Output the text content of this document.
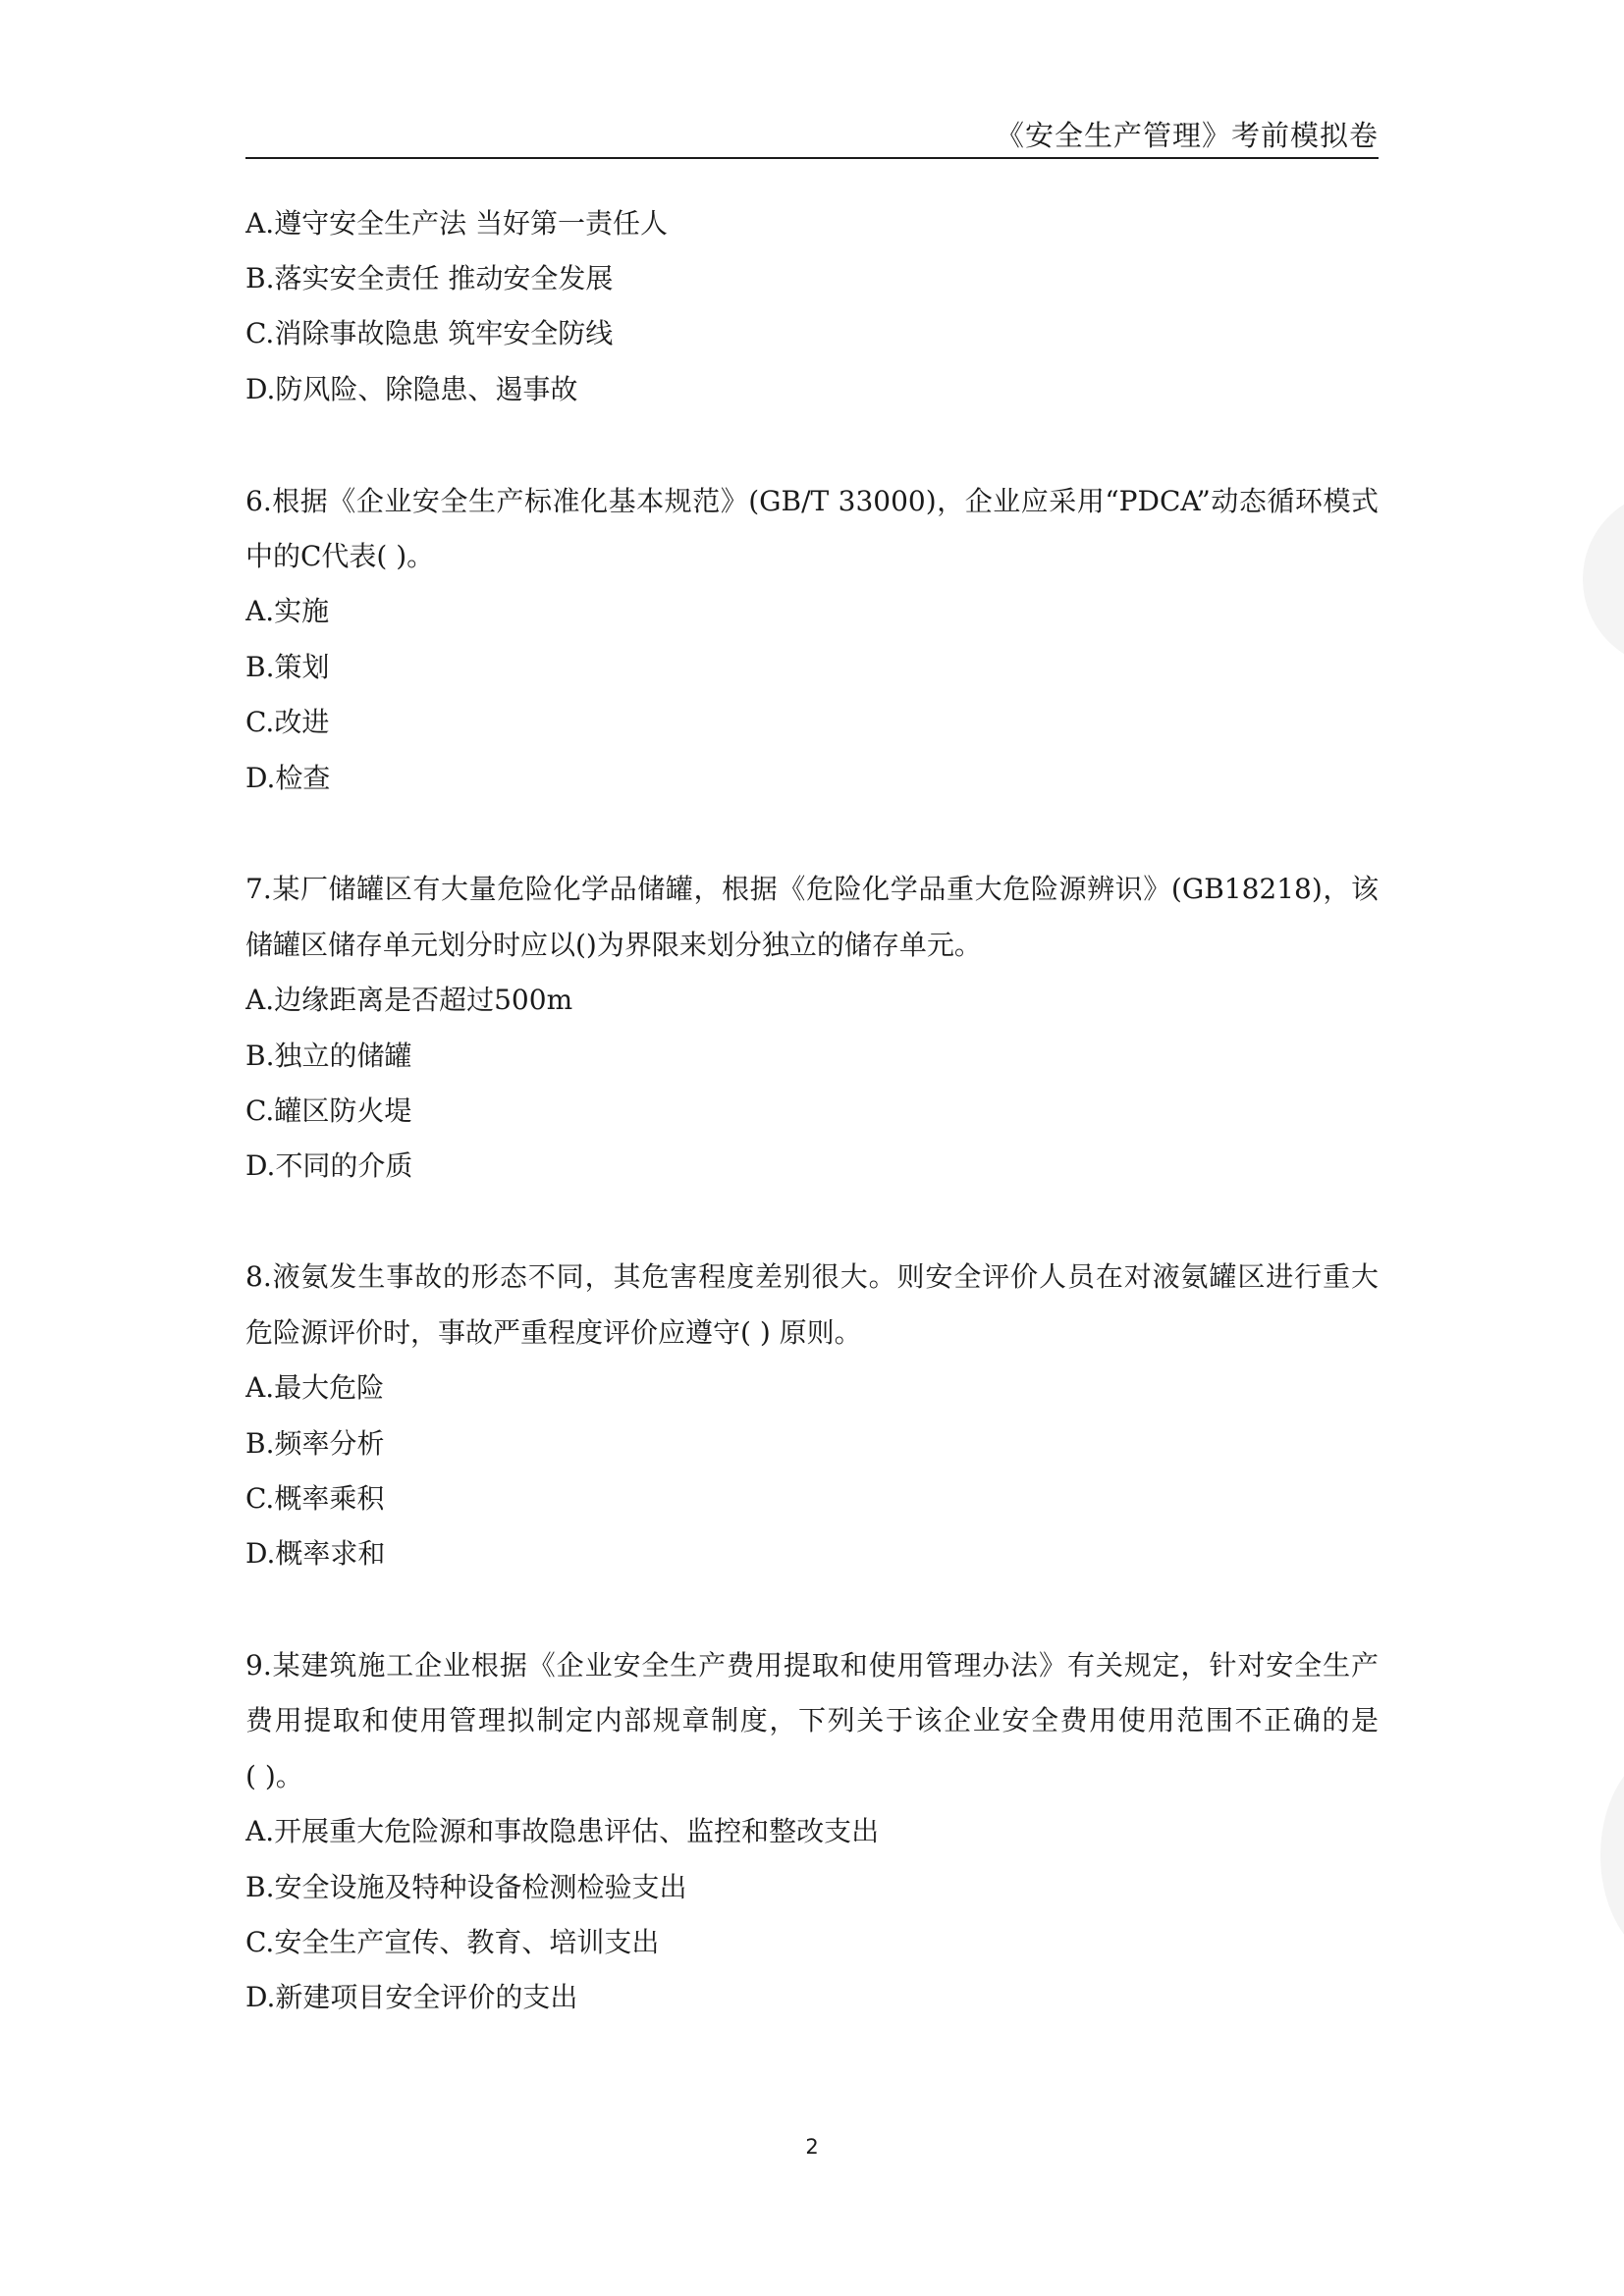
《安全生产管理》考前模拟卷
A.遵守安全生产法 当好第一责任人
B.落实安全责任 推动安全发展
C.消除事故隐患 筑牢安全防线
D.防风险、除隐患、遏事故
6.根据《企业安全生产标准化基本规范》(GB/T 33000)，企业应采用“PDCA”动态循环模式
中的C代表( )。
A.实施
B.策划
C.改进
D.检查
7.某厂储罐区有大量危险化学品储罐，根据《危险化学品重大危险源辨识》(GB18218)，该
储罐区储存单元划分时应以()为界限来划分独立的储存单元。
A.边缘距离是否超过500m
B.独立的储罐
C.罐区防火堤
D.不同的介质
8.液氨发生事故的形态不同，其危害程度差别很大。则安全评价人员在对液氨罐区进行重大
危险源评价时，事故严重程度评价应遵守( ) 原则。
A.最大危险
B.频率分析
C.概率乘积
D.概率求和
9.某建筑施工企业根据《企业安全生产费用提取和使用管理办法》有关规定，针对安全生产
费用提取和使用管理拟制定内部规章制度，下列关于该企业安全费用使用范围不正确的是
( )。
A.开展重大危险源和事故隐患评估、监控和整改支出
B.安全设施及特种设备检测检验支出
C.安全生产宣传、教育、培训支出
D.新建项目安全评价的支出
2
